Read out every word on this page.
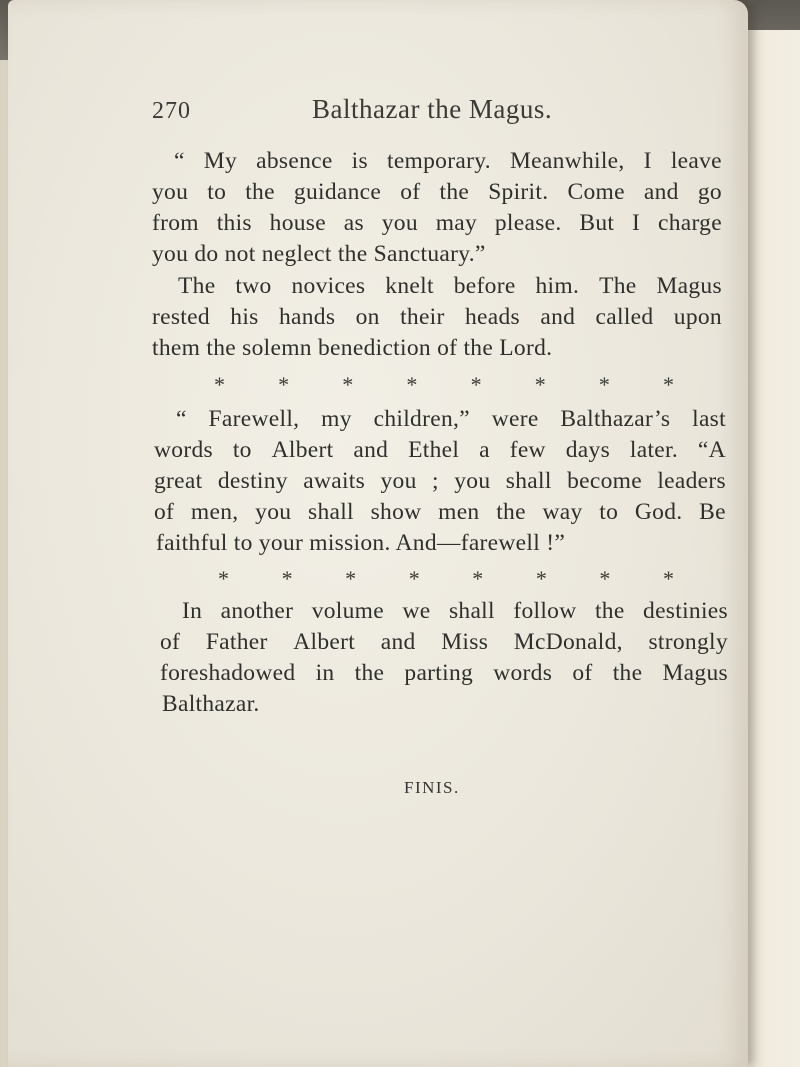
270	Balthazar the Magus.
“ My absence is temporary. Meanwhile, I leave
you to the guidance of the Spirit. Come and go
from this house as you may please. But I charge
you do not neglect the Sanctuary.”
The two novices knelt before him. The Magus
rested his hands on their heads and called upon
them the solemn benediction of the Lord.
* * * * * * * *
“ Farewell, my children,” were Balthazar’s last
words to Albert and Ethel a few days later. “A
great destiny awaits you ; you shall become leaders
of men, you shall show men the way to God. Be
faithful to your mission. And—farewell !”
* * * * * * * *
In another volume we shall follow the destinies
of Father Albert and Miss McDonald, strongly
foreshadowed in the parting words of the Magus
Balthazar.
FINIS.
